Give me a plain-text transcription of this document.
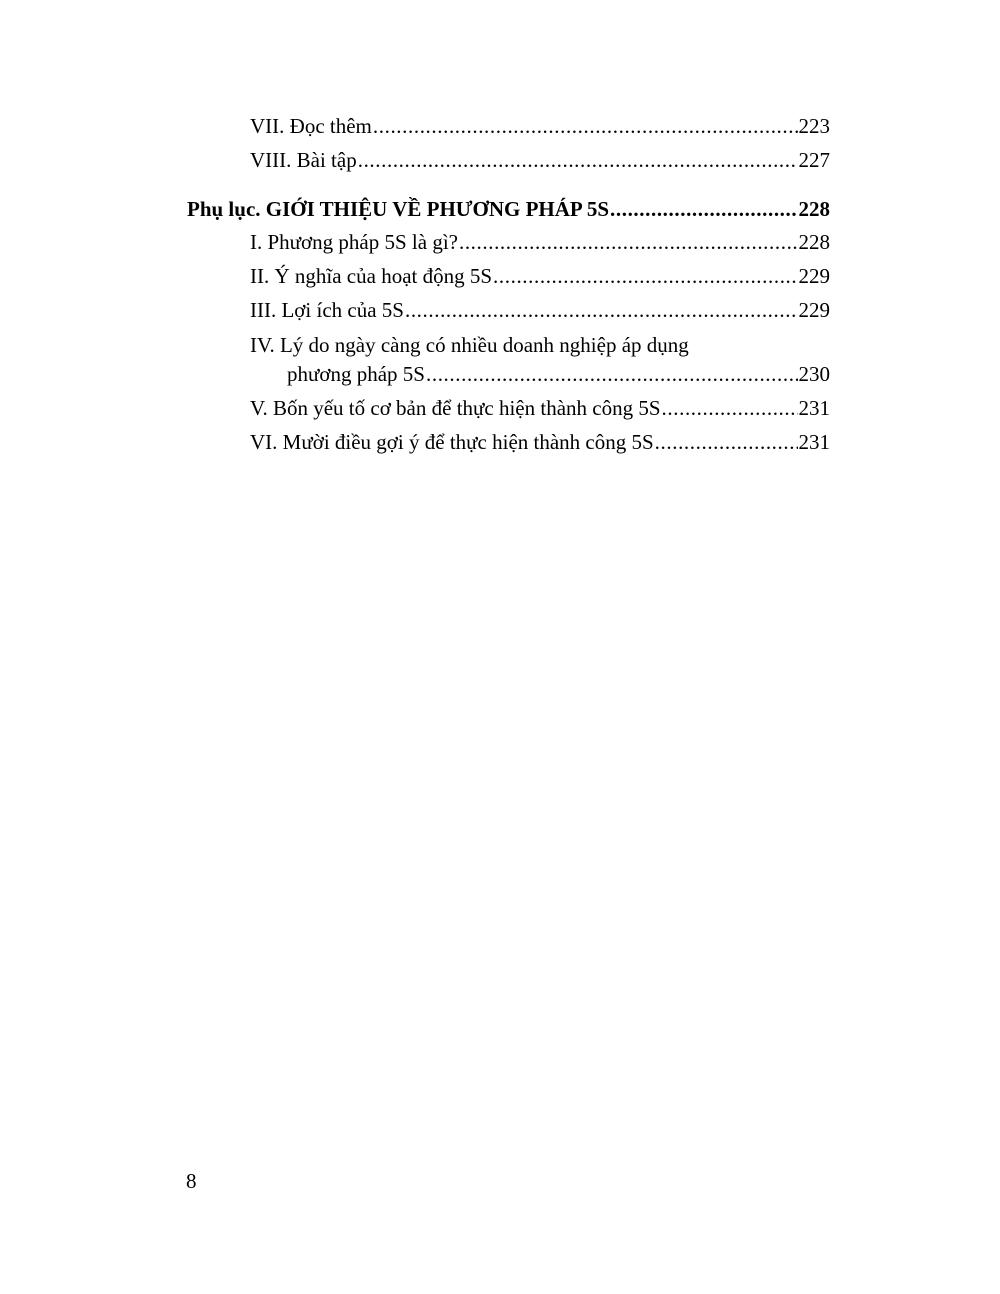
VII. Đọc thêm .....	223
VIII. Bài tập .....	227
Phụ lục. GIỚI THIỆU VỀ PHƯƠNG PHÁP 5S .....	228
I. Phương pháp 5S là gì? .....	228
II. Ý nghĩa của hoạt động 5S .....	229
III. Lợi ích của 5S .....	229
IV. Lý do ngày càng có nhiều doanh nghiệp áp dụng
phương pháp 5S .....	230
V. Bốn yếu tố cơ bản để thực hiện thành công 5S .....	231
VI. Mười điều gợi ý để thực hiện thành công 5S .....	231
8
